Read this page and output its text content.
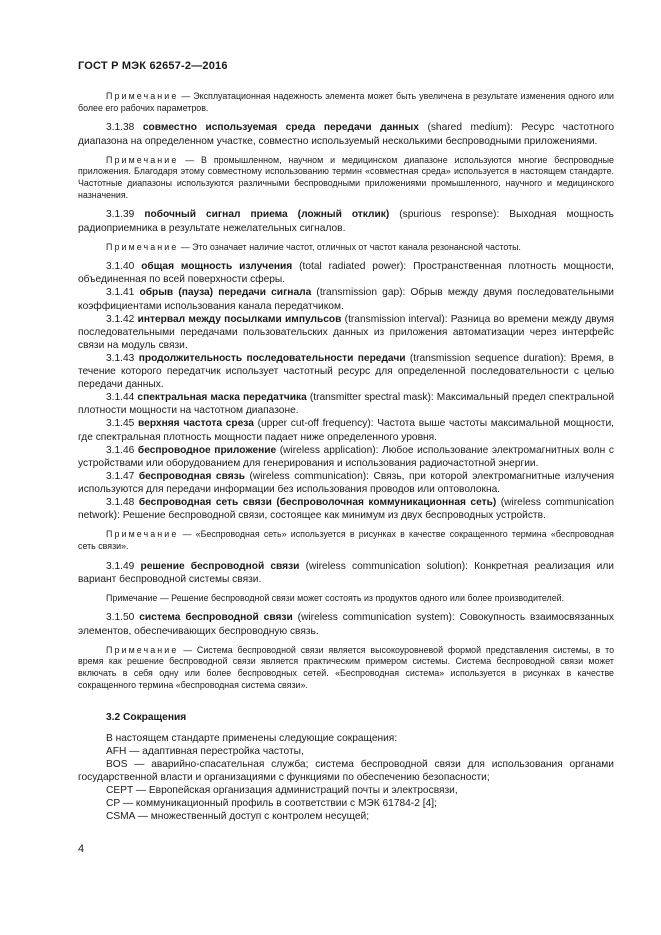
ГОСТ Р МЭК 62657-2—2016

Примечание — Эксплуатационная надежность элемента может быть увеличена в результате изменения одного или более его рабочих параметров.

3.1.38 совместно используемая среда передачи данных (shared medium): Ресурс частотного диапазона на определенном участке, совместно используемый несколькими беспроводными приложениями.

Примечание — В промышленном, научном и медицинском диапазоне используются многие беспроводные приложения. Благодаря этому совместному использованию термин «совместная среда» используется в настоящем стандарте. Частотные диапазоны используются различными беспроводными приложениями промышленного, научного и медицинского назначения.

3.1.39 побочный сигнал приема (ложный отклик) (spurious response): Выходная мощность радиоприемника в результате нежелательных сигналов.

Примечание — Это означает наличие частот, отличных от частот канала резонансной частоты.

3.1.40 общая мощность излучения (total radiated power): Пространственная плотность мощности, объединенная по всей поверхности сферы.

3.1.41 обрыв (пауза) передачи сигнала (transmission gap): Обрыв между двумя последовательными коэффициентами использования канала передатчиком.

3.1.42 интервал между посылками импульсов (transmission interval): Разница во времени между двумя последовательными передачами пользовательских данных из приложения автоматизации через интерфейс связи на модуль связи.

3.1.43 продолжительность последовательности передачи (transmission sequence duration): Время, в течение которого передатчик использует частотный ресурс для определенной последовательности с целью передачи данных.

3.1.44 спектральная маска передатчика (transmitter spectral mask): Максимальный предел спектральной плотности мощности на частотном диапазоне.

3.1.45 верхняя частота среза (upper cut-off frequency): Частота выше частоты максимальной мощности, где спектральная плотность мощности падает ниже определенного уровня.

3.1.46 беспроводное приложение (wireless application): Любое использование электромагнитных волн с устройствами или оборудованием для генерирования и использования радиочастотной энергии.

3.1.47 беспроводная связь (wireless communication): Связь, при которой электромагнитные излучения используются для передачи информации без использования проводов или оптоволокна.

3.1.48 беспроводная сеть связи (беспроволочная коммуникационная сеть) (wireless communication network): Решение беспроводной связи, состоящее как минимум из двух беспроводных устройств.

Примечание — «Беспроводная сеть» используется в рисунках в качестве сокращенного термина «беспроводная сеть связи».

3.1.49 решение беспроводной связи (wireless communication solution): Конкретная реализация или вариант беспроводной системы связи.

Примечание — Решение беспроводной связи может состоять из продуктов одного или более производителей.

3.1.50 система беспроводной связи (wireless communication system): Совокупность взаимосвязанных элементов, обеспечивающих беспроводную связь.

Примечание — Система беспроводной связи является высокоуровневой формой представления системы, в то время как решение беспроводной связи является практическим примером системы. Система беспроводной связи может включать в себя одну или более беспроводных сетей. «Беспроводная система» используется в рисунках в качестве сокращенного термина «беспроводная система связи».

3.2 Сокращения

В настоящем стандарте применены следующие сокращения:

AFH — адаптивная перестройка частоты,

BOS — аварийно-спасательная служба; система беспроводной связи для использования органами государственной власти и организациями с функциями по обеспечению безопасности;

CEPT — Европейская организация администраций почты и электросвязи,

CP — коммуникационный профиль в соответствии с МЭК 61784-2 [4];

CSMA — множественный доступ с контролем несущей;

4
